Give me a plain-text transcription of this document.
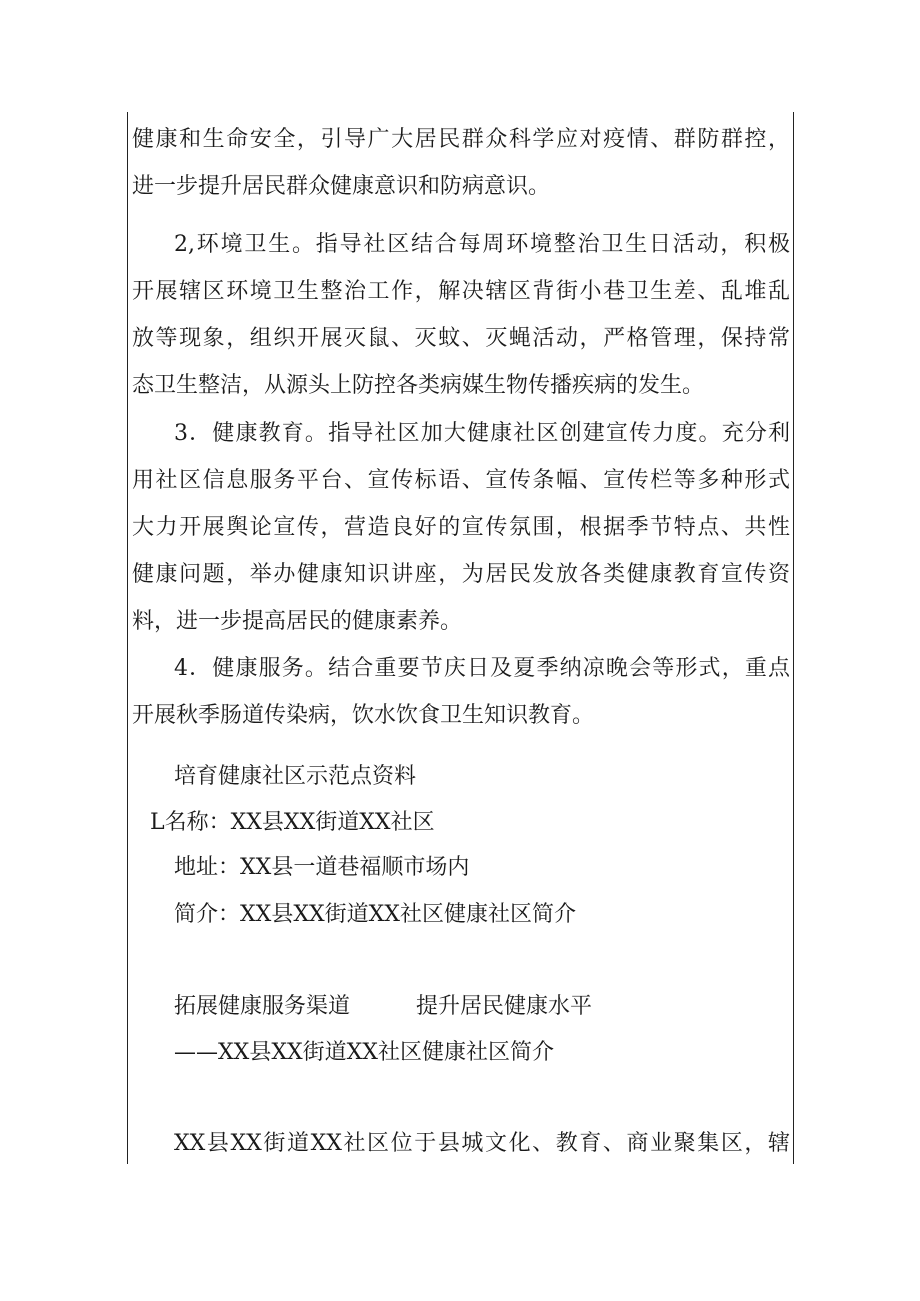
健康和生命安全，引导广大居民群众科学应对疫情、群防群控，
进一步提升居民群众健康意识和防病意识。
2,环境卫生。指导社区结合每周环境整治卫生日活动，积极
开展辖区环境卫生整治工作，解决辖区背街小巷卫生差、乱堆乱
放等现象，组织开展灭鼠、灭蚊、灭蝇活动，严格管理，保持常
态卫生整洁，从源头上防控各类病媒生物传播疾病的发生。
3．健康教育。指导社区加大健康社区创建宣传力度。充分利
用社区信息服务平台、宣传标语、宣传条幅、宣传栏等多种形式
大力开展舆论宣传，营造良好的宣传氛围，根据季节特点、共性
健康问题，举办健康知识讲座，为居民发放各类健康教育宣传资
料，进一步提高居民的健康素养。
4．健康服务。结合重要节庆日及夏季纳凉晚会等形式，重点
开展秋季肠道传染病，饮水饮食卫生知识教育。
培育健康社区示范点资料
L名称：XX县XX街道XX社区
地址：XX县一道巷福顺市场内
简介：XX县XX街道XX社区健康社区简介
拓展健康服务渠道　　　提升居民健康水平
——XX县XX街道XX社区健康社区简介
XX县XX街道XX社区位于县城文化、教育、商业聚集区，辖
